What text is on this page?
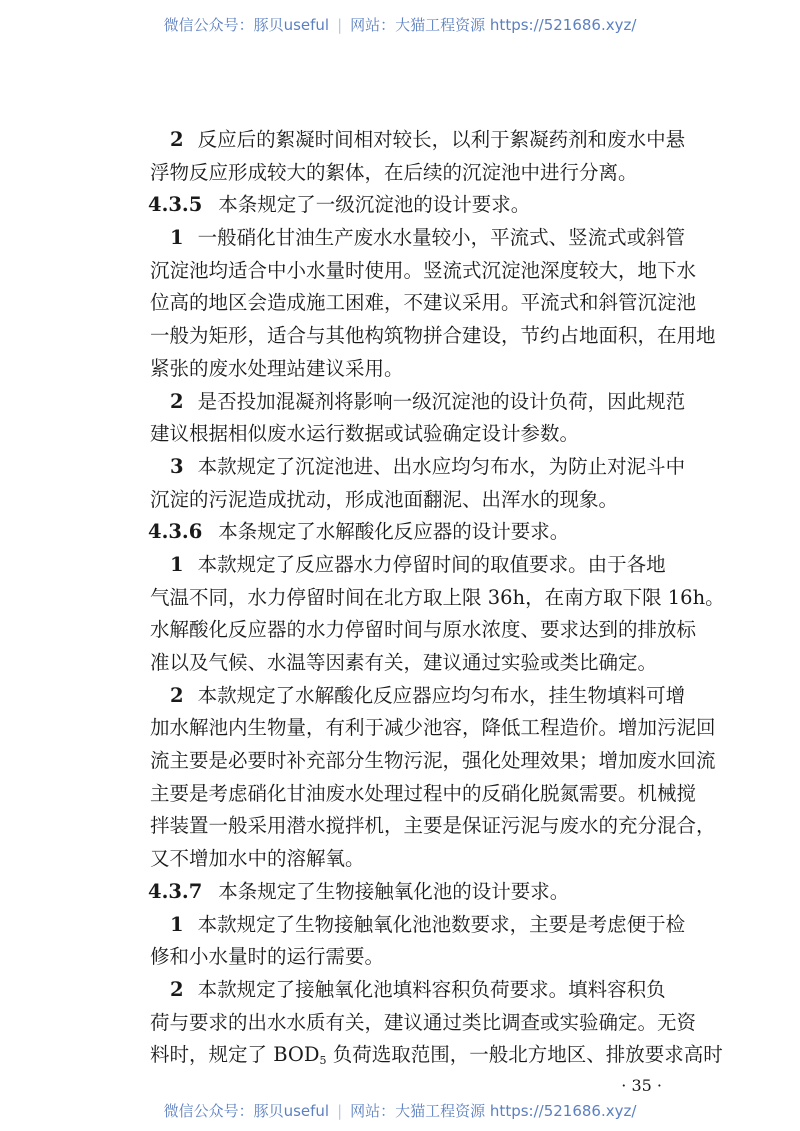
微信公众号：豚贝useful | 网站：大猫工程资源 https://521686.xyz/
2 反应后的絮凝时间相对较长，以利于絮凝药剂和废水中悬
浮物反应形成较大的絮体，在后续的沉淀池中进行分离。
4.3.5 本条规定了一级沉淀池的设计要求。
1 一般硝化甘油生产废水水量较小，平流式、竖流式或斜管
沉淀池均适合中小水量时使用。竖流式沉淀池深度较大，地下水
位高的地区会造成施工困难，不建议采用。平流式和斜管沉淀池
一般为矩形，适合与其他构筑物拼合建设，节约占地面积，在用地
紧张的废水处理站建议采用。
2 是否投加混凝剂将影响一级沉淀池的设计负荷，因此规范
建议根据相似废水运行数据或试验确定设计参数。
3 本款规定了沉淀池进、出水应均匀布水，为防止对泥斗中
沉淀的污泥造成扰动，形成池面翻泥、出浑水的现象。
4.3.6 本条规定了水解酸化反应器的设计要求。
1 本款规定了反应器水力停留时间的取值要求。由于各地
气温不同，水力停留时间在北方取上限 36h，在南方取下限 16h。
水解酸化反应器的水力停留时间与原水浓度、要求达到的排放标
准以及气候、水温等因素有关，建议通过实验或类比确定。
2 本款规定了水解酸化反应器应均匀布水，挂生物填料可增
加水解池内生物量，有利于减少池容，降低工程造价。增加污泥回
流主要是必要时补充部分生物污泥，强化处理效果；增加废水回流
主要是考虑硝化甘油废水处理过程中的反硝化脱氮需要。机械搅
拌装置一般采用潜水搅拌机，主要是保证污泥与废水的充分混合，
又不增加水中的溶解氧。
4.3.7 本条规定了生物接触氧化池的设计要求。
1 本款规定了生物接触氧化池池数要求，主要是考虑便于检
修和小水量时的运行需要。
2 本款规定了接触氧化池填料容积负荷要求。填料容积负
荷与要求的出水水质有关，建议通过类比调查或实验确定。无资
料时，规定了 $BOD_5$ 负荷选取范围，一般北方地区、排放要求高时
· 35 ·
微信公众号：豚贝useful | 网站：大猫工程资源 https://521686.xyz/
